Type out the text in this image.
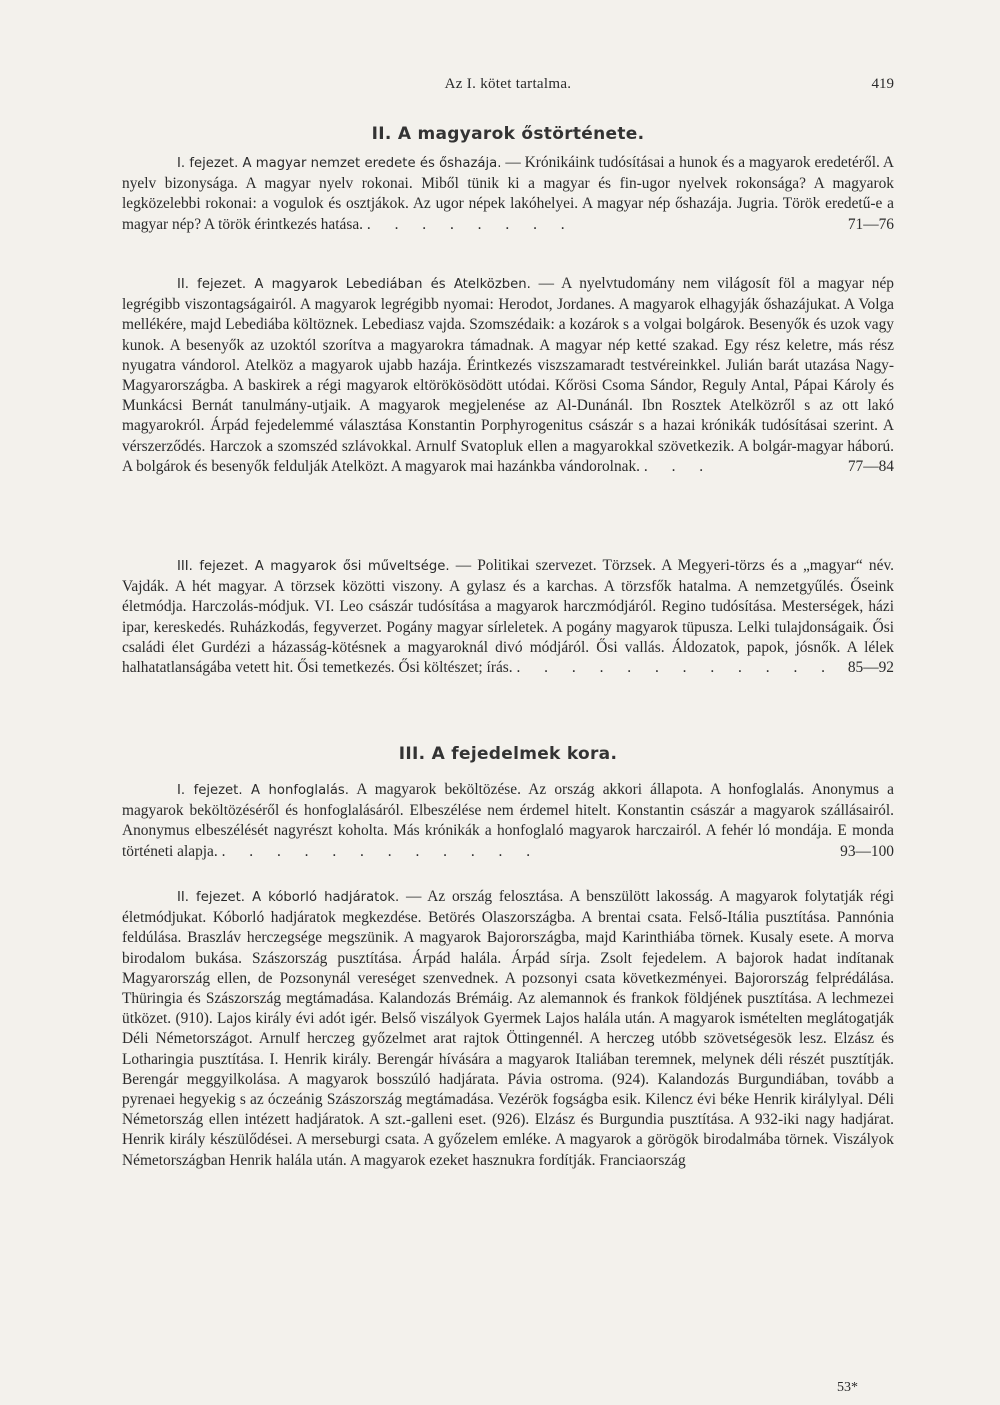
Az I. kötet tartalma.	419
II. A magyarok őstörténete.

I. fejezet. A magyar nemzet eredete és őshazája. — Krónikáink tudósításai a hunok és a magyarok eredetéről. A nyelv bizonysága. A magyar nyelv rokonai. Miből tünik ki a magyar és fin-ugor nyelvek rokonsága? A magyarok legközelebbi rokonai: a vogulok és osztjákok. Az ugor népek lakóhelyei. A magyar nép őshazája. Jugria. Török eredetű-e a magyar nép? A török érintkezés hatása. . . . . . . . .	71—76

II. fejezet. A magyarok Lebediában és Atelközben. — A nyelvtudomány nem világosít föl a magyar nép legrégibb viszontagságairól. A magyarok legrégibb nyomai: Herodot, Jordanes. A magyarok elhagyják őshazájukat. A Volga mellékére, majd Lebediába költöznek. Lebediasz vajda. Szomszédaik: a kozárok s a volgai bolgárok. Besenyők és uzok vagy kunok. A besenyők az uzoktól szorítva a magyarokra támadnak. A magyar nép ketté szakad. Egy rész keletre, más rész nyugatra vándorol. Atelköz a magyarok ujabb hazája. Érintkezés viszszamaradt testvéreinkkel. Julián barát utazása Nagy-Magyarországba. A baskirek a régi magyarok eltörökösödött utódai. Kőrösi Csoma Sándor, Reguly Antal, Pápai Károly és Munkácsi Bernát tanulmány-utjaik. A magyarok megjelenése az Al-Dunánál. Ibn Rosztek Atelközről s az ott lakó magyarokról. Árpád fejedelemmé választása Konstantin Porphyrogenitus császár s a hazai krónikák tudósításai szerint. A vérszerződés. Harczok a szomszéd szlávokkal. Arnulf Svatopluk ellen a magyarokkal szövetkezik. A bolgár-magyar háború. A bolgárok és besenyők feldulják Atelközt. A magyarok mai hazánkba vándorolnak. . . .	77—84

III. fejezet. A magyarok ősi műveltsége. — Politikai szervezet. Törzsek. A Megyeri-törzs és a „magyar“ név. Vajdák. A hét magyar. A törzsek közötti viszony. A gylasz és a karchas. A törzsfők hatalma. A nemzetgyűlés. Őseink életmódja. Harczolás-módjuk. VI. Leo császár tudósítása a magyarok harczmódjáról. Regino tudósítása. Mesterségek, házi ipar, kereskedés. Ruházkodás, fegyverzet. Pogány magyar sírleletek. A pogány magyarok tüpusza. Lelki tulajdonságaik. Ősi családi élet Gurdézi a házasság-kötésnek a magyaroknál divó módjáról. Ősi vallás. Áldozatok, papok, jósnők. A lélek halhatatlanságába vetett hit. Ősi temetkezés. Ősi költészet; írás. . . . . . . . . . . . . 85—92

III. A fejedelmek kora.

I. fejezet. A honfoglalás. A magyarok beköltözése. Az ország akkori állapota. A honfoglalás. Anonymus a magyarok beköltözéséről és honfoglalásáról. Elbeszélése nem érdemel hitelt. Konstantin császár a magyarok szállásairól. Anonymus elbeszélését nagyrészt koholta. Más krónikák a honfoglaló magyarok harczairól. A fehér ló mondája. E monda történeti alapja. . . . . . . . . . . . .	93—100

II. fejezet. A kóborló hadjáratok. — Az ország felosztása. A benszülött lakosság. A magyarok folytatják régi életmódjukat. Kóborló hadjáratok megkezdése. Betörés Olaszországba. A brentai csata. Felső-Itália pusztítása. Pannónia feldúlása. Braszláv herczegsége megszünik. A magyarok Bajorországba, majd Karinthiába törnek. Kusaly esete. A morva birodalom bukása. Szászország pusztítása. Árpád halála. Árpád sírja. Zsolt fejedelem. A bajorok hadat indítanak Magyarország ellen, de Pozsonynál vereséget szenvednek. A pozsonyi csata következményei. Bajorország felprédálása. Thüringia és Szászország megtámadása. Kalandozás Brémáig. Az alemannok és frankok földjének pusztítása. A lechmezei ütközet. (910). Lajos király évi adót igér. Belső viszályok Gyermek Lajos halála után. A magyarok ismételten meglátogatják Déli Németországot. Arnulf herczeg győzelmet arat rajtok Öttingennél. A herczeg utóbb szövetségesök lesz. Elzász és Lotharingia pusztítása. I. Henrik király. Berengár hívására a magyarok Italiában teremnek, melynek déli részét pusztítják. Berengár meggyilkolása. A magyarok bosszúló hadjárata. Pávia ostroma. (924). Kalandozás Burgundiában, tovább a pyrenaei hegyekig s az óczeánig Szászország megtámadása. Vezérök fogságba esik. Kilencz évi béke Henrik királylyal. Déli Németország ellen intézett hadjáratok. A szt.-galleni eset. (926). Elzász és Burgundia pusztítása. A 932-iki nagy hadjárat. Henrik király készülődései. A merseburgi csata. A győzelem emléke. A magyarok a görögök birodalmába törnek. Viszályok Németországban Henrik halála után. A magyarok ezeket hasznukra fordítják. Franciaország

53*
